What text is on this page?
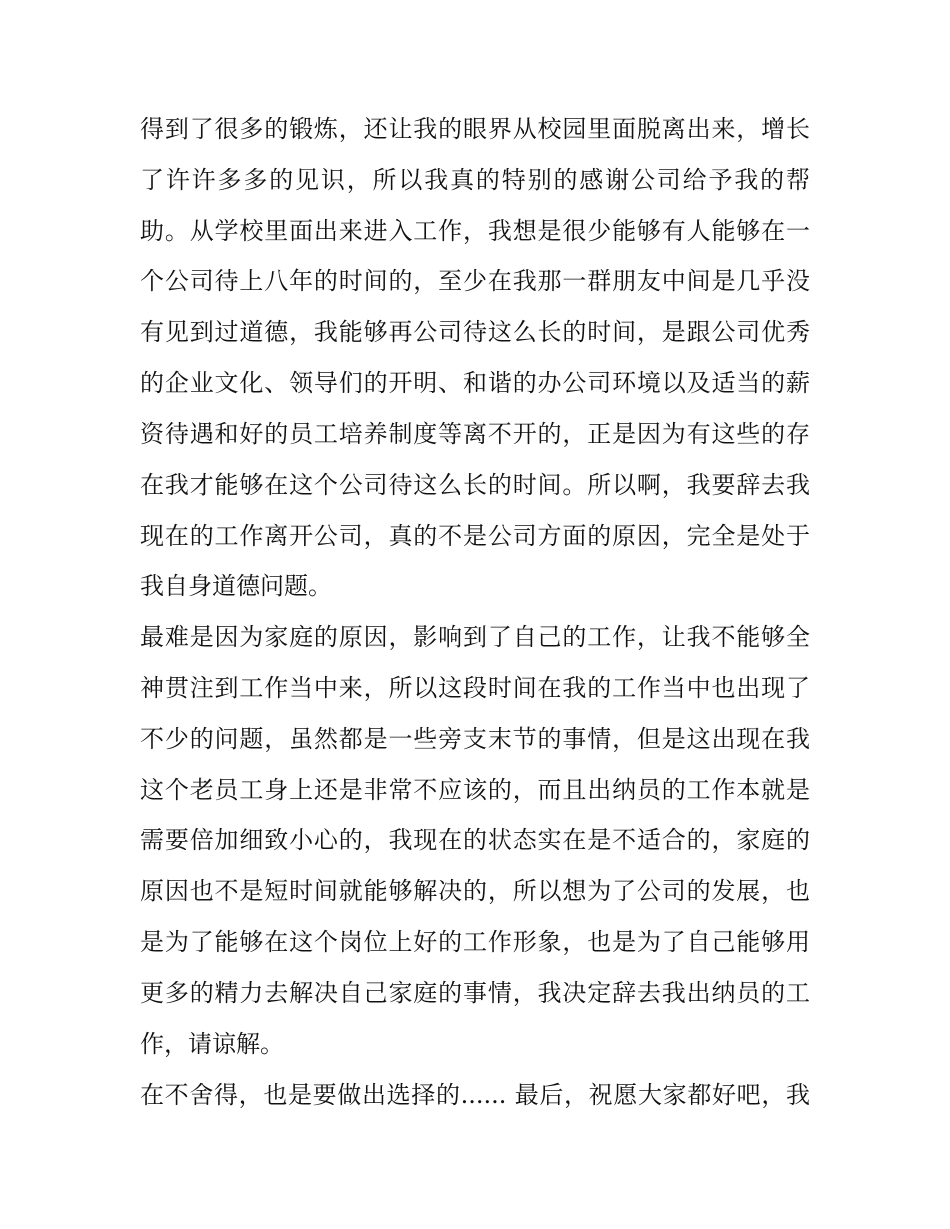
得到了很多的锻炼，还让我的眼界从校园里面脱离出来，增长
了许许多多的见识，所以我真的特别的感谢公司给予我的帮
助。从学校里面出来进入工作，我想是很少能够有人能够在一
个公司待上八年的时间的，至少在我那一群朋友中间是几乎没
有见到过道德，我能够再公司待这么长的时间，是跟公司优秀
的企业文化、领导们的开明、和谐的办公司环境以及适当的薪
资待遇和好的员工培养制度等离不开的，正是因为有这些的存
在我才能够在这个公司待这么长的时间。所以啊，我要辞去我
现在的工作离开公司，真的不是公司方面的原因，完全是处于
我自身道德问题。
最难是因为家庭的原因，影响到了自己的工作，让我不能够全
神贯注到工作当中来，所以这段时间在我的工作当中也出现了
不少的问题，虽然都是一些旁支末节的事情，但是这出现在我
这个老员工身上还是非常不应该的，而且出纳员的工作本就是
需要倍加细致小心的，我现在的状态实在是不适合的，家庭的
原因也不是短时间就能够解决的，所以想为了公司的发展，也
是为了能够在这个岗位上好的工作形象，也是为了自己能够用
更多的精力去解决自己家庭的事情，我决定辞去我出纳员的工
作，请谅解。
在不舍得，也是要做出选择的...... 最后，祝愿大家都好吧，我
